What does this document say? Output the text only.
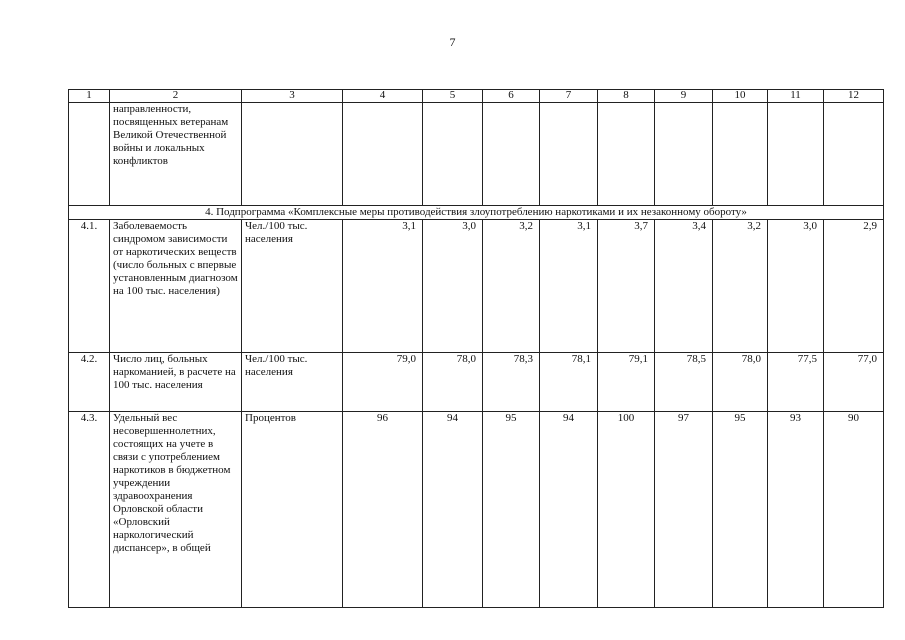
7
1	2	3	4	5	6	7	8	9	10	11	12
	направленности, посвященных ветеранам Великой Отечественной войны и локальных конфликтов										
4. Подпрограмма «Комплексные меры противодействия злоупотреблению наркотиками и их незаконному обороту»											
4.1.	Заболеваемость синдромом зависимости от наркотических веществ (число больных с впервые установленным диагнозом на 100 тыс. населения)	Чел./100 тыс. населения	3,1	3,0	3,2	3,1	3,7	3,4	3,2	3,0	2,9
4.2.	Число лиц, больных наркоманией, в расчете на 100 тыс. населения	Чел./100 тыс. населения	79,0	78,0	78,3	78,1	79,1	78,5	78,0	77,5	77,0
4.3.	Удельный вес несовершеннолетних, состоящих на учете в связи с употреблением наркотиков в бюджетном учреждении здравоохранения Орловской области «Орловский наркологический диспансер», в общей	Процентов	96	94	95	94	100	97	95	93	90
